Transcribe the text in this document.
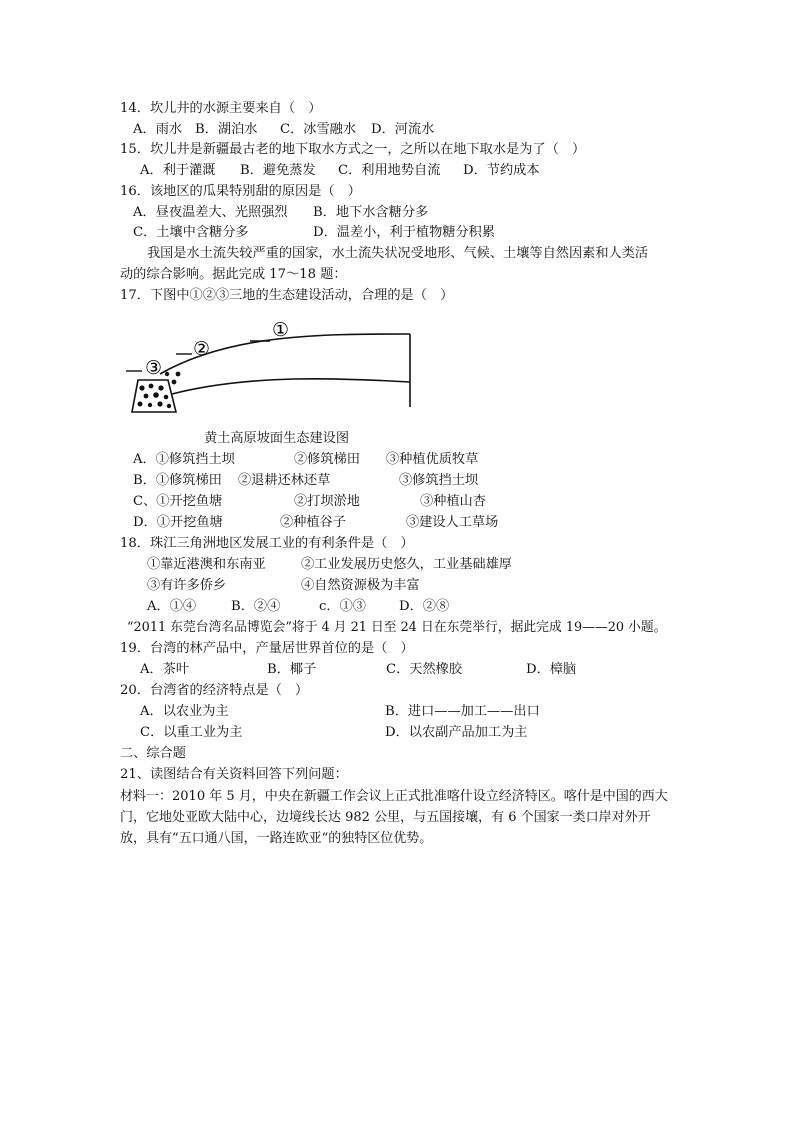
14．坎儿井的水源主要来自（　）
A．雨水 B．湖泊水 C．冰雪融水 D．河流水
15．坎儿井是新疆最古老的地下取水方式之一，之所以在地下取水是为了（　）
A．利于灌溉 B．避免蒸发 C．利用地势自流 D．节约成本
16．该地区的瓜果特别甜的原因是（　）
A．昼夜温差大、光照强烈 B．地下水含糖分多
C．土壤中含糖分多	D．温差小，利于植物糖分积累
我国是水土流失较严重的国家，水土流失状况受地形、气候、土壤等自然因素和人类活
动的综合影响。据此完成 17～18 题：
17．下图中①②③三地的生态建设活动，合理的是（　）
①
②
③
黄土高原坡面生态建设图
A．①修筑挡土坝	②修筑梯田 ③种植优质牧草
B．①修筑梯田 ②退耕还林还草	③修筑挡土坝
C、①开挖鱼塘	②打坝淤地	③种植山杏
D．①开挖鱼塘	②种植谷子	③建设人工草场
18．珠江三角洲地区发展工业的有利条件是（　）
①靠近港澳和东南亚	②工业发展历史悠久，工业基础雄厚
③有许多侨乡	④自然资源极为丰富
A．①④	B．②④	c．①③	D．②⑧
“2011 东莞台湾名品博览会”将于 4 月 21 日至 24 日在东莞举行，据此完成 19——20 小题。
19．台湾的林产品中，产量居世界首位的是（　）
A．茶叶	B．椰子	C．天然橡胶	D．樟脑
20．台湾省的经济特点是（　）
A．以农业为主	B．进口——加工——出口
C．以重工业为主	D．以农副产品加工为主
二、综合题
21、读图结合有关资料回答下列问题：
材料一：2010 年 5 月，中央在新疆工作会议上正式批准喀什设立经济特区。喀什是中国的西大门，它地处亚欧大陆中心，边境线长达 982 公里，与五国接壤，有 6 个国家一类口岸对外开放，具有“五口通八国，一路连欧亚“的独特区位优势。
